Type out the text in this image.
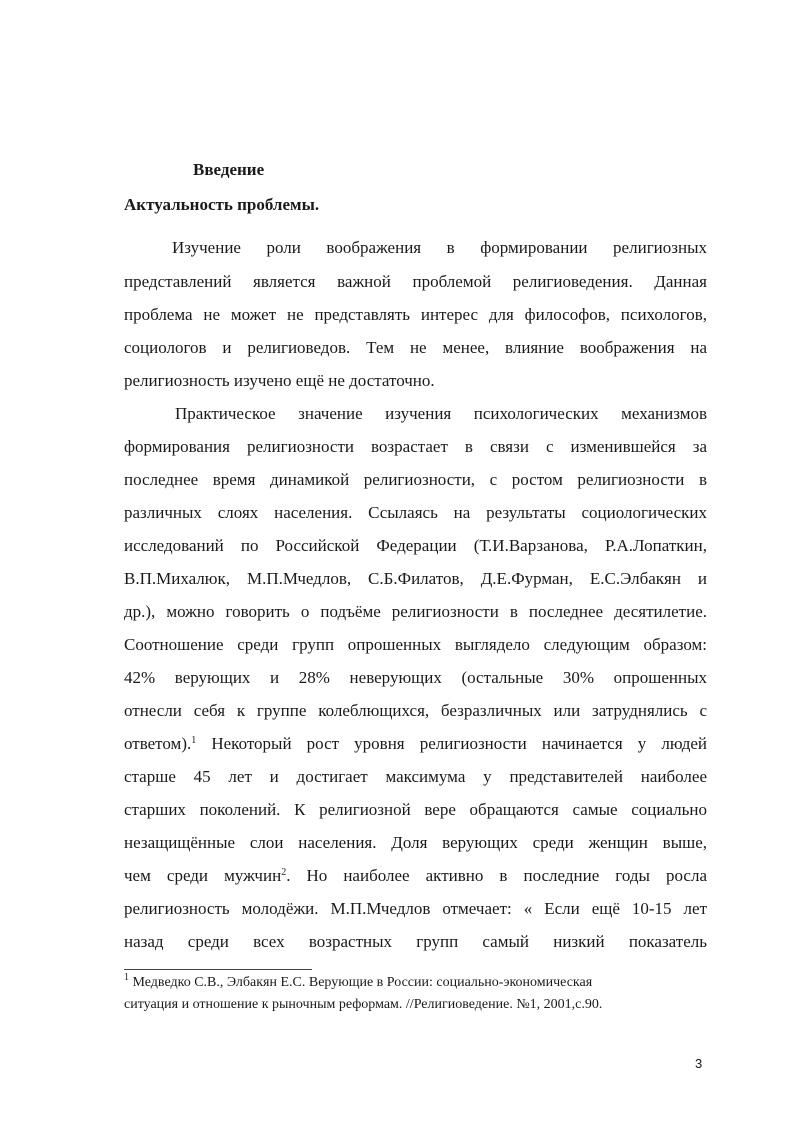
Введение
Актуальность проблемы.
Изучение роли воображения в формировании религиозных
представлений является важной проблемой религиоведения. Данная
проблема не может не представлять интерес для философов, психологов,
социологов и религиоведов. Тем не менее, влияние воображения на
религиозность изучено ещё не достаточно.
Практическое значение изучения психологических механизмов
формирования религиозности возрастает в связи с изменившейся за
последнее время динамикой религиозности, с ростом религиозности в
различных слоях населения. Ссылаясь на результаты социологических
исследований по Российской Федерации (Т.И.Варзанова, Р.А.Лопаткин,
В.П.Михалюк, М.П.Мчедлов, С.Б.Филатов, Д.Е.Фурман, Е.С.Элбакян и
др.), можно говорить о подъёме религиозности в последнее десятилетие.
Соотношение среди групп опрошенных выглядело следующим образом:
42% верующих и 28% неверующих (остальные 30% опрошенных
отнесли себя к группе колеблющихся, безразличных или затруднялись с
ответом).$^1$ Некоторый рост уровня религиозности начинается у людей
старше 45 лет и достигает максимума у представителей наиболее
старших поколений. К религиозной вере обращаются самые социально
незащищённые слои населения. Доля верующих среди женщин выше,
чем среди мужчин$^2$. Но наиболее активно в последние годы росла
религиозность молодёжи. М.П.Мчедлов отмечает: « Если ещё 10-15 лет
назад среди всех возрастных групп самый низкий показатель
$^1$ Медведко С.В., Элбакян Е.С. Верующие в России: социально-экономическая
ситуация и отношение к рыночным реформам. //Религиоведение. №1, 2001,с.90.
3
